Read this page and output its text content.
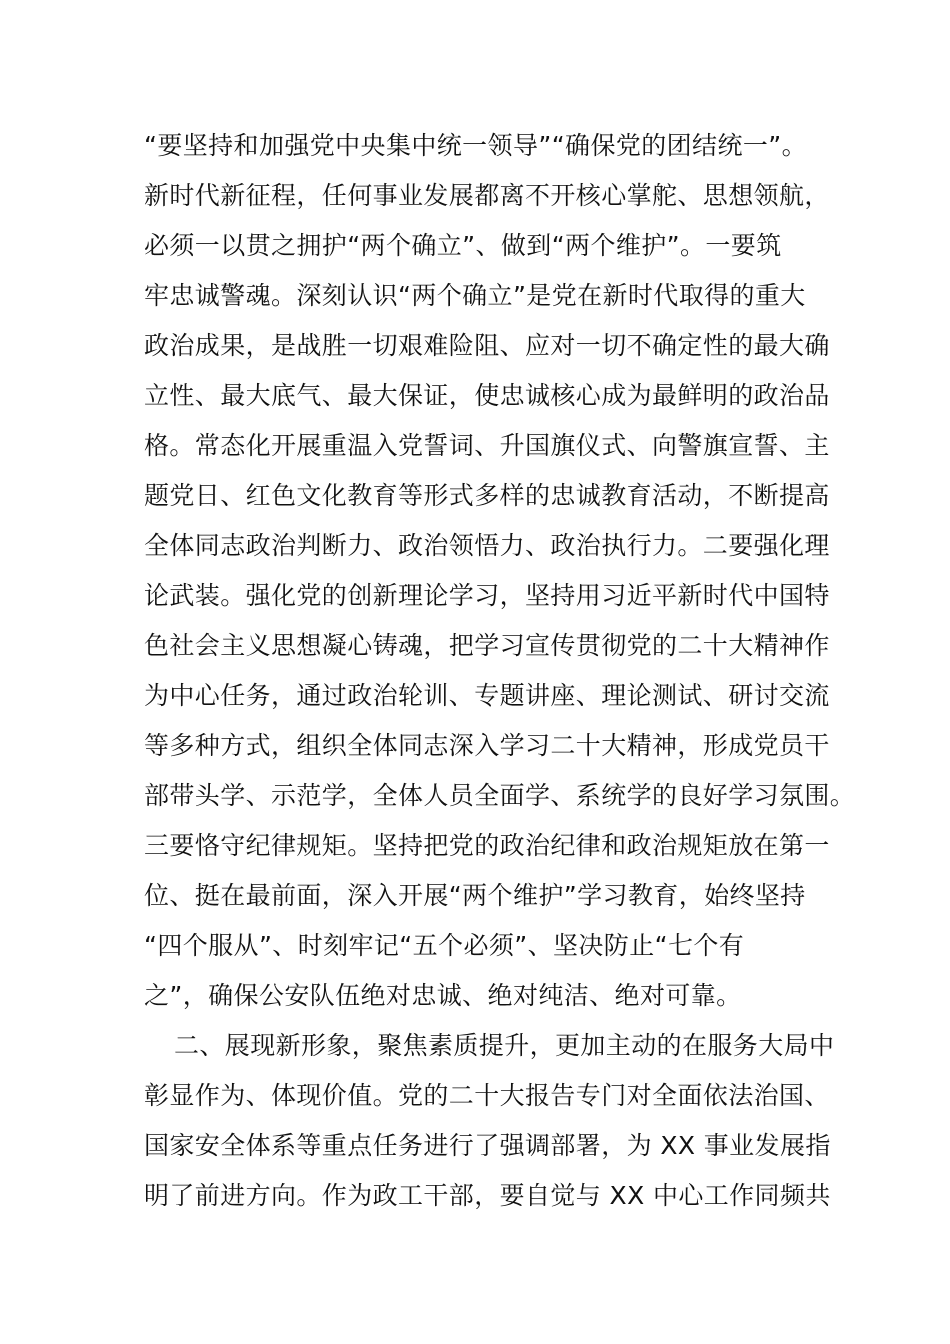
“要坚持和加强党中央集中统一领导”“确保党的团结统一”。
新时代新征程，任何事业发展都离不开核心掌舵、思想领航，
必须一以贯之拥护“两个确立”、做到“两个维护”。一要筑
牢忠诚警魂。深刻认识“两个确立”是党在新时代取得的重大
政治成果，是战胜一切艰难险阻、应对一切不确定性的最大确
立性、最大底气、最大保证，使忠诚核心成为最鲜明的政治品
格。常态化开展重温入党誓词、升国旗仪式、向警旗宣誓、主
题党日、红色文化教育等形式多样的忠诚教育活动，不断提高
全体同志政治判断力、政治领悟力、政治执行力。二要强化理
论武装。强化党的创新理论学习，坚持用习近平新时代中国特
色社会主义思想凝心铸魂，把学习宣传贯彻党的二十大精神作
为中心任务，通过政治轮训、专题讲座、理论测试、研讨交流
等多种方式，组织全体同志深入学习二十大精神，形成党员干
部带头学、示范学，全体人员全面学、系统学的良好学习氛围。
三要恪守纪律规矩。坚持把党的政治纪律和政治规矩放在第一
位、挺在最前面，深入开展“两个维护”学习教育，始终坚持
“四个服从”、时刻牢记“五个必须”、坚决防止“七个有
之”，确保公安队伍绝对忠诚、绝对纯洁、绝对可靠。
二、展现新形象，聚焦素质提升，更加主动的在服务大局中
彰显作为、体现价值。党的二十大报告专门对全面依法治国、
国家安全体系等重点任务进行了强调部署，为 XX 事业发展指
明了前进方向。作为政工干部，要自觉与 XX 中心工作同频共
